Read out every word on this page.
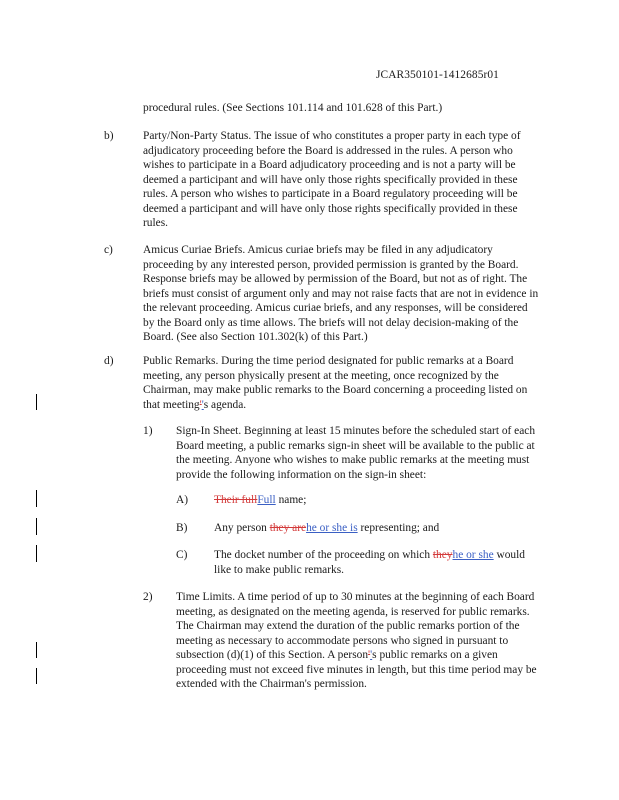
JCAR350101-1412685r01
procedural rules. (See Sections 101.114 and 101.628 of this Part.)
b)	Party/Non-Party Status. The issue of who constitutes a proper party in each type of adjudicatory proceeding before the Board is addressed in the rules. A person who wishes to participate in a Board adjudicatory proceeding and is not a party will be deemed a participant and will have only those rights specifically provided in these rules. A person who wishes to participate in a Board regulatory proceeding will be deemed a participant and will have only those rights specifically provided in these rules.
c)	Amicus Curiae Briefs. Amicus curiae briefs may be filed in any adjudicatory proceeding by any interested person, provided permission is granted by the Board. Response briefs may be allowed by permission of the Board, but not as of right. The briefs must consist of argument only and may not raise facts that are not in evidence in the relevant proceeding. Amicus curiae briefs, and any responses, will be considered by the Board only as time allows. The briefs will not delay decision-making of the Board. (See also Section 101.302(k) of this Part.)
d)	Public Remarks. During the time period designated for public remarks at a Board meeting, any person physically present at the meeting, once recognized by the Chairman, may make public remarks to the Board concerning a proceeding listed on that meeting''s agenda.
1) Sign-In Sheet. Beginning at least 15 minutes before the scheduled start of each Board meeting, a public remarks sign-in sheet will be available to the public at the meeting. Anyone who wishes to make public remarks at the meeting must provide the following information on the sign-in sheet:
A) Their fullFull name;
B) Any person they arehe or she is representing; and
C) The docket number of the proceeding on which theyhe or she would like to make public remarks.
2) Time Limits. A time period of up to 30 minutes at the beginning of each Board meeting, as designated on the meeting agenda, is reserved for public remarks. The Chairman may extend the duration of the public remarks portion of the meeting as necessary to accommodate persons who signed in pursuant to subsection (d)(1) of this Section. A person''s public remarks on a given proceeding must not exceed five minutes in length, but this time period may be extended with the Chairman's permission.
